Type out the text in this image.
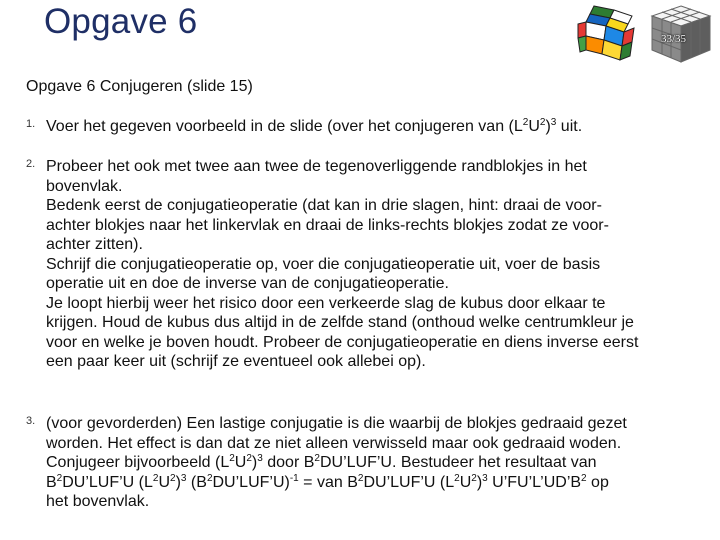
Opgave 6	33/35
Opgave 6 Conjugeren (slide 15)
1. Voer het gegeven voorbeeld in de slide (over het conjugeren van $(L^2U^2)^3$ uit.
2. Probeer het ook met twee aan twee de tegenoverliggende randblokjes in het
bovenvlak.
Bedenk eerst de conjugatieoperatie (dat kan in drie slagen, hint: draai de voor-
achter blokjes naar het linkervlak en draai de links-rechts blokjes zodat ze voor-
achter zitten).
Schrijf die conjugatieoperatie op, voer die conjugatieoperatie uit, voer de basis
operatie uit en doe de inverse van de conjugatieoperatie.
Je loopt hierbij weer het risico door een verkeerde slag de kubus door elkaar te
krijgen. Houd de kubus dus altijd in de zelfde stand (onthoud welke centrumkleur je
voor en welke je boven houdt. Probeer de conjugatieoperatie en diens inverse eerst
een paar keer uit (schrijf ze eventueel ook allebei op).
3. (voor gevorderden) Een lastige conjugatie is die waarbij de blokjes gedraaid gezet
worden. Het effect is dan dat ze niet alleen verwisseld maar ook gedraaid woden.
Conjugeer bijvoorbeeld $(L^2U^2)^3$ door $B^2DU’LUF’U$. Bestudeer het resultaat van
$B^2DU’LUF’U$ $(L^2U^2)^3$ $(B^2DU’LUF’U)^{-1}$ = van $B^2DU’LUF’U$ $(L^2U^2)^3$ $U’FU’L’UD’B^2$ op
het bovenvlak.
